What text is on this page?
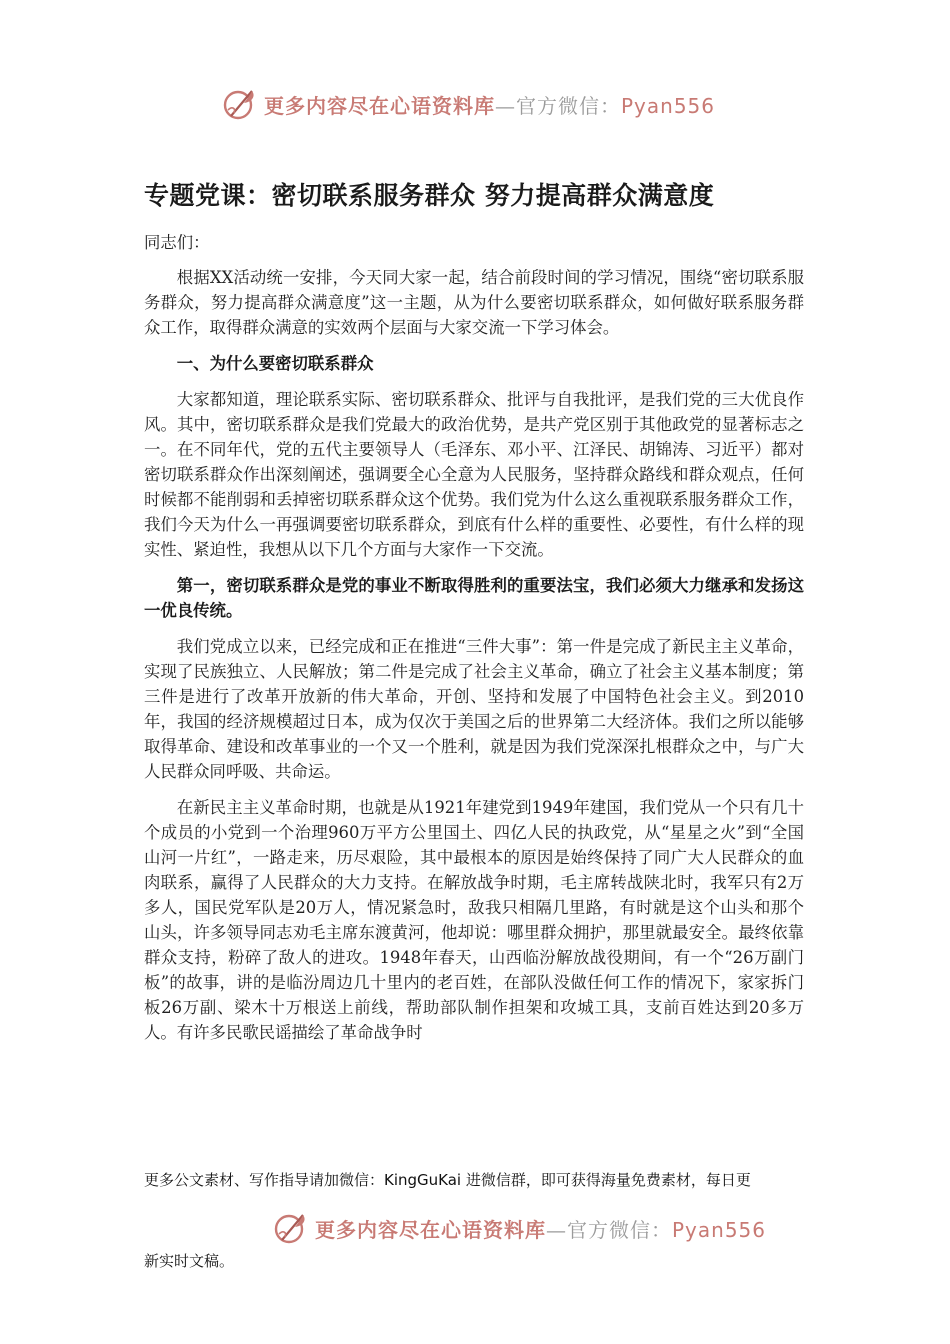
更多内容尽在心语资料库—官方微信：Pyan556
专题党课：密切联系服务群众 努力提高群众满意度

同志们：

根据XX活动统一安排，今天同大家一起，结合前段时间的学习情况，围绕“密切联系服务群众，努力提高群众满意度”这一主题，从为什么要密切联系群众，如何做好联系服务群众工作，取得群众满意的实效两个层面与大家交流一下学习体会。

一、为什么要密切联系群众

大家都知道，理论联系实际、密切联系群众、批评与自我批评，是我们党的三大优良作风。其中，密切联系群众是我们党最大的政治优势，是共产党区别于其他政党的显著标志之一。在不同年代，党的五代主要领导人（毛泽东、邓小平、江泽民、胡锦涛、习近平）都对密切联系群众作出深刻阐述，强调要全心全意为人民服务，坚持群众路线和群众观点，任何时候都不能削弱和丢掉密切联系群众这个优势。我们党为什么这么重视联系服务群众工作，我们今天为什么一再强调要密切联系群众，到底有什么样的重要性、必要性，有什么样的现实性、紧迫性，我想从以下几个方面与大家作一下交流。

第一，密切联系群众是党的事业不断取得胜利的重要法宝，我们必须大力继承和发扬这一优良传统。

我们党成立以来，已经完成和正在推进“三件大事”：第一件是完成了新民主主义革命，实现了民族独立、人民解放；第二件是完成了社会主义革命，确立了社会主义基本制度；第三件是进行了改革开放新的伟大革命，开创、坚持和发展了中国特色社会主义。到2010年，我国的经济规模超过日本，成为仅次于美国之后的世界第二大经济体。我们之所以能够取得革命、建设和改革事业的一个又一个胜利，就是因为我们党深深扎根群众之中，与广大人民群众同呼吸、共命运。

在新民主主义革命时期，也就是从1921年建党到1949年建国，我们党从一个只有几十个成员的小党到一个治理960万平方公里国土、四亿人民的执政党，从“星星之火”到“全国山河一片红”，一路走来，历尽艰险，其中最根本的原因是始终保持了同广大人民群众的血肉联系，赢得了人民群众的大力支持。在解放战争时期，毛主席转战陕北时，我军只有2万多人，国民党军队是20万人，情况紧急时，敌我只相隔几里路，有时就是这个山头和那个山头，许多领导同志劝毛主席东渡黄河，他却说：哪里群众拥护，那里就最安全。最终依靠群众支持，粉碎了敌人的进攻。1948年春天，山西临汾解放战役期间，有一个“26万副门板”的故事，讲的是临汾周边几十里内的老百姓，在部队没做任何工作的情况下，家家拆门板26万副、梁木十万根送上前线，帮助部队制作担架和攻城工具，支前百姓达到20多万人。有许多民歌民谣描绘了革命战争时

更多公文素材、写作指导请加微信：KingGuKai 进微信群，即可获得海量免费素材，每日更
更多内容尽在心语资料库—官方微信：Pyan556
新实时文稿。
